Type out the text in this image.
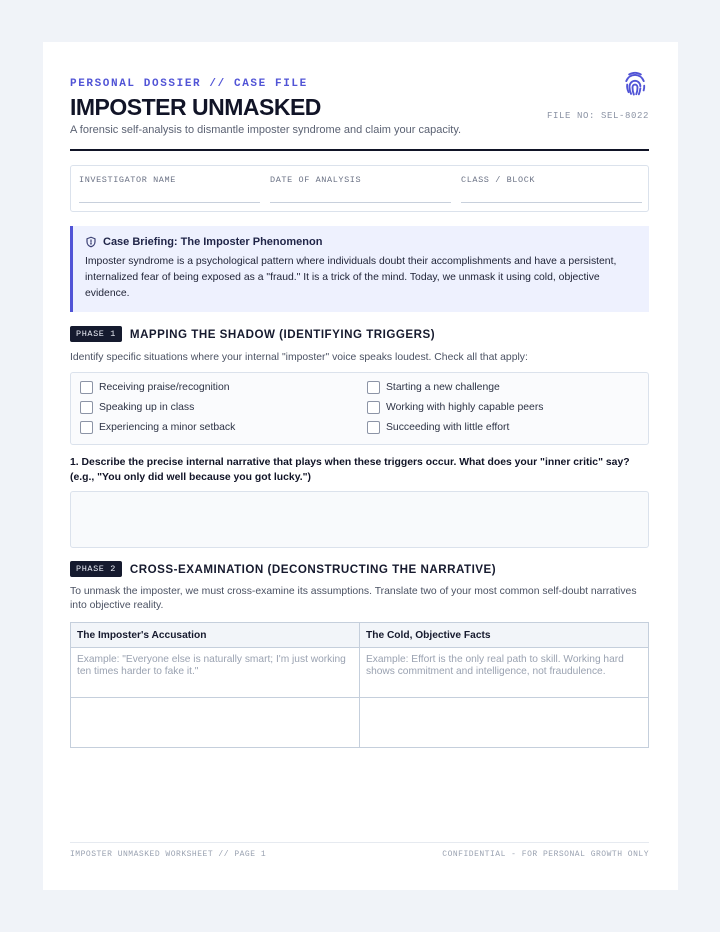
PERSONAL DOSSIER // CASE FILE
IMPOSTER UNMASKED
A forensic self-analysis to dismantle imposter syndrome and claim your capacity.
FILE NO: SEL-8022
INVESTIGATOR NAME	DATE OF ANALYSIS	CLASS / BLOCK
Case Briefing: The Imposter Phenomenon
Imposter syndrome is a psychological pattern where individuals doubt their accomplishments and have a persistent, internalized fear of being exposed as a "fraud." It is a trick of the mind. Today, we unmask it using cold, objective evidence.
PHASE 1	MAPPING THE SHADOW (IDENTIFYING TRIGGERS)
Identify specific situations where your internal "imposter" voice speaks loudest. Check all that apply:
Receiving praise/recognition	Starting a new challenge
Speaking up in class	Working with highly capable peers
Experiencing a minor setback	Succeeding with little effort
1. Describe the precise internal narrative that plays when these triggers occur. What does your "inner critic" say? (e.g., "You only did well because you got lucky.")
PHASE 2	CROSS-EXAMINATION (DECONSTRUCTING THE NARRATIVE)
To unmask the imposter, we must cross-examine its assumptions. Translate two of your most common self-doubt narratives into objective reality.
The Imposter's Accusation	The Cold, Objective Facts
Example: "Everyone else is naturally smart; I'm just working ten times harder to fake it."	Example: Effort is the only real path to skill. Working hard shows commitment and intelligence, not fraudulence.

IMPOSTER UNMASKED WORKSHEET // PAGE 1	CONFIDENTIAL - FOR PERSONAL GROWTH ONLY
